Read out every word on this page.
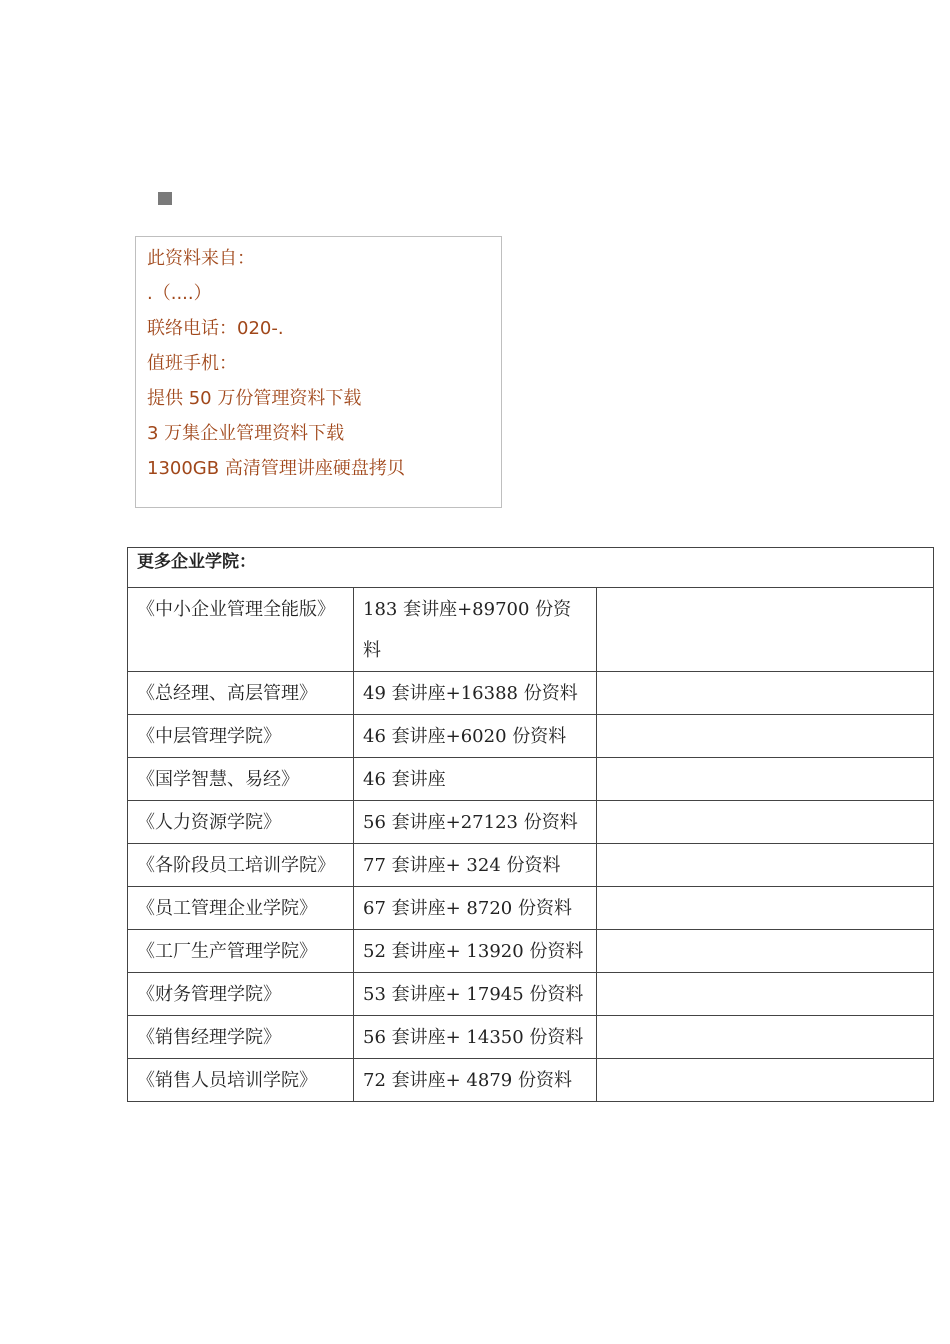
此资料来自：
.（....）
联络电话：020-.
值班手机：
提供 50 万份管理资料下载
3 万集企业管理资料下载
1300GB 高清管理讲座硬盘拷贝
更多企业学院：		
《中小企业管理全能版》	183 套讲座+89700 份资料	
《总经理、高层管理》	49 套讲座+16388 份资料	
《中层管理学院》	46 套讲座+6020 份资料	
《国学智慧、易经》	46 套讲座	
《人力资源学院》	56 套讲座+27123 份资料	
《各阶段员工培训学院》	77 套讲座+ 324 份资料	
《员工管理企业学院》	67 套讲座+ 8720 份资料	
《工厂生产管理学院》	52 套讲座+ 13920 份资料	
《财务管理学院》	53 套讲座+ 17945 份资料	
《销售经理学院》	56 套讲座+ 14350 份资料	
《销售人员培训学院》	72 套讲座+ 4879 份资料	
